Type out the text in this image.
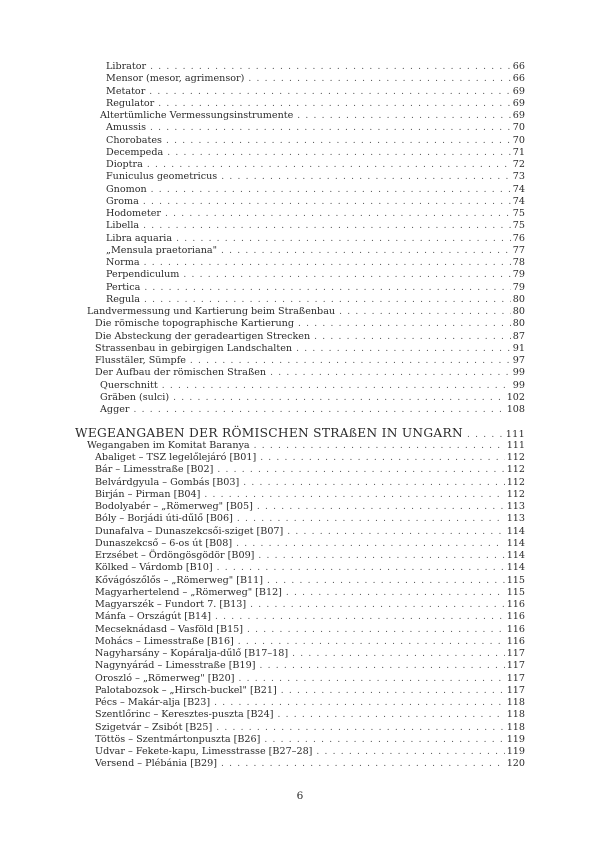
Librator . . .	66
Mensor (mesor, agrimensor) . . .	66
Metator . . .	69
Regulator . . .	69
Altertümliche Vermessungsinstrumente . . .	69
Amussis . . .	70
Chorobates . . .	70
Decempeda . . .	71
Dioptra . . .	72
Funiculus geometricus . . .	73
Gnomon . . .	74
Groma . . .	74
Hodometer . . .	75
Libella . . .	75
Libra aquaria . . .	76
„Mensula praetoriana" . . .	77
Norma . . .	78
Perpendiculum . . .	79
Pertica . . .	79
Regula . . .	80
Landvermessung und Kartierung beim Straßenbau . . .	80
Die römische topographische Kartierung . . .	80
Die Absteckung der geradeartigen Strecken . . .	87
Strassenbau in gebirgigen Landschalten . . .	91
Flusstäler, Sümpfe . . .	97
Der Aufbau der römischen Straßen . . .	99
Querschnitt . . .	99
Gräben (sulci) . . .	102
Agger . . .	108
WEGEANGABEN DER RÖMISCHEN STRAßEN IN UNGARN . . .	111
Wegangaben im Komitat Baranya . . .	111
Abaliget – TSZ legelőlejáró [B01] . . .	112
Bár – Limesstraße [B02] . . .	112
Belvárdgyula – Gombás [B03] . . .	112
Birján – Pirman [B04] . . .	112
Bodolyabér – „Römerweg" [B05] . . .	113
Bóly – Borjádi úti-dűlő [B06] . . .	113
Dunafalva – Dunaszekcsői-sziget [B07] . . .	114
Dunaszekcső – 6-os út [B08] . . .	114
Erzsébet – Ördöngösgödör [B09] . . .	114
Kölked – Várdomb [B10] . . .	114
Kővágószőlős – „Römerweg" [B11] . . .	115
Magyarhertelend – „Römerweg" [B12] . . .	115
Magyarszék – Fundort 7. [B13] . . .	116
Mánfa – Országút [B14] . . .	116
Mecseknádasd – Vasföld [B15] . . .	116
Mohács – Limesstraße [B16] . . .	116
Nagyharsány – Kopáralja-dűlő [B17–18] . . .	117
Nagynyárád – Limesstraße [B19] . . .	117
Oroszló – „Römerweg" [B20] . . .	117
Palotabozsok – „Hirsch-buckel" [B21] . . .	117
Pécs – Makár-alja [B23] . . .	118
Szentlőrinc – Keresztes-puszta [B24] . . .	118
Szigetvár – Zsibót [B25] . . .	118
Töttös – Szentmártonpuszta [B26] . . .	119
Udvar – Fekete-kapu, Limesstrasse [B27–28] . . .	119
Versend – Plébánia [B29] . . .	120
6
